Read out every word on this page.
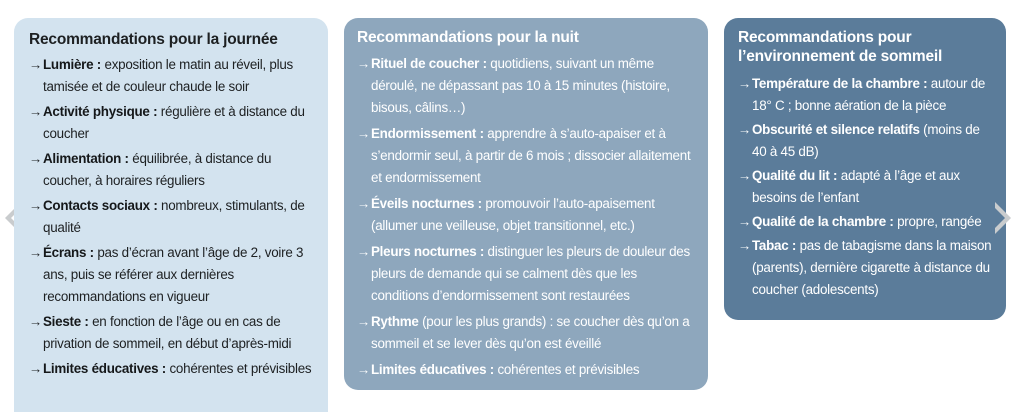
Recommandations pour la journée
→ Lumière : exposition le matin au réveil, plus tamisée et de couleur chaude le soir
→ Activité physique : régulière et à distance du coucher
→ Alimentation : équilibrée, à distance du coucher, à horaires réguliers
→ Contacts sociaux : nombreux, stimulants, de qualité
→ Écrans : pas d’écran avant l’âge de 2, voire 3 ans, puis se référer aux dernières recommandations en vigueur
→ Sieste : en fonction de l’âge ou en cas de privation de sommeil, en début d’après-midi
→ Limites éducatives : cohérentes et prévisibles
Recommandations pour la nuit
→ Rituel de coucher : quotidiens, suivant un même déroulé, ne dépassant pas 10 à 15 minutes (histoire, bisous, câlins…)
→ Endormissement : apprendre à s’auto-apaiser et à s’endormir seul, à partir de 6 mois ; dissocier allaitement et endormissement
→ Éveils nocturnes : promouvoir l’auto-apaisement (allumer une veilleuse, objet transitionnel, etc.)
→ Pleurs nocturnes : distinguer les pleurs de douleur des pleurs de demande qui se calment dès que les conditions d’endormissement sont restaurées
→ Rythme (pour les plus grands) : se coucher dès qu’on a sommeil et se lever dès qu’on est éveillé
→ Limites éducatives : cohérentes et prévisibles
Recommandations pour l’environnement de sommeil
→ Température de la chambre : autour de 18° C ; bonne aération de la pièce
→ Obscurité et silence relatifs (moins de 40 à 45 dB)
→ Qualité du lit : adapté à l’âge et aux besoins de l’enfant
→ Qualité de la chambre : propre, rangée
→ Tabac : pas de tabagisme dans la maison (parents), dernière cigarette à distance du coucher (adolescents)
